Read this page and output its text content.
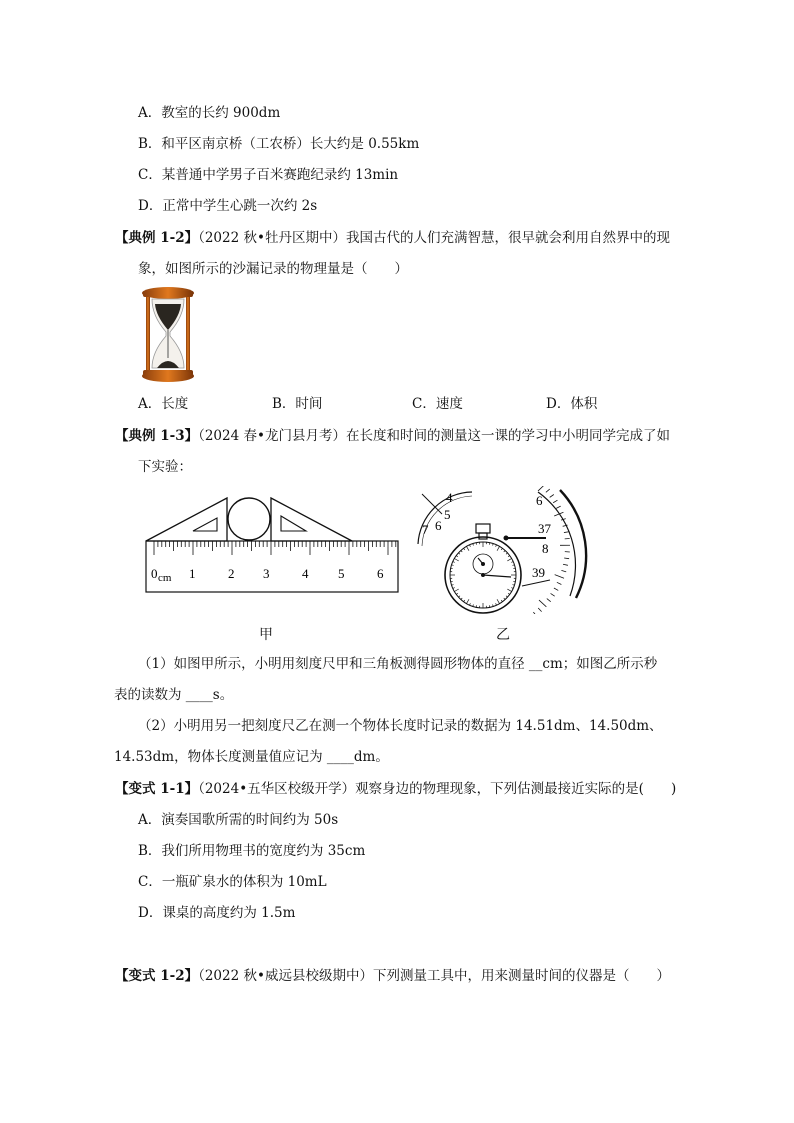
A．教室的长约 900dm
B．和平区南京桥（工农桥）长大约是 0.55km
C．某普通中学男子百米赛跑纪录约 13min
D．正常中学生心跳一次约 2s
【典例 1-2】（2022 秋•牡丹区期中）我国古代的人们充满智慧，很早就会利用自然界中的现
象，如图所示的沙漏记录的物理量是（　　）
A．长度	B．时间	C．速度	D．体积
【典例 1-3】（2024 春•龙门县月考）在长度和时间的测量这一课的学习中小明同学完成了如
下实验：
0 cm 1	2 3	4 5	6
4
5
6
7
6
37
8
39
甲	乙
（1）如图甲所示，小明用刻度尺甲和三角板测得圆形物体的直径 __cm；如图乙所示秒
表的读数为 ____s。
（2）小明用另一把刻度尺乙在测一个物体长度时记录的数据为 14.51dm、14.50dm、
14.53dm，物体长度测量值应记为 ____dm。
【变式 1-1】（2024•五华区校级开学）观察身边的物理现象，下列估测最接近实际的是(　　)
A．演奏国歌所需的时间约为 50s
B．我们所用物理书的宽度约为 35cm
C．一瓶矿泉水的体积为 10mL
D．课桌的高度约为 1.5m
【变式 1-2】（2022 秋•威远县校级期中）下列测量工具中，用来测量时间的仪器是（　　）
